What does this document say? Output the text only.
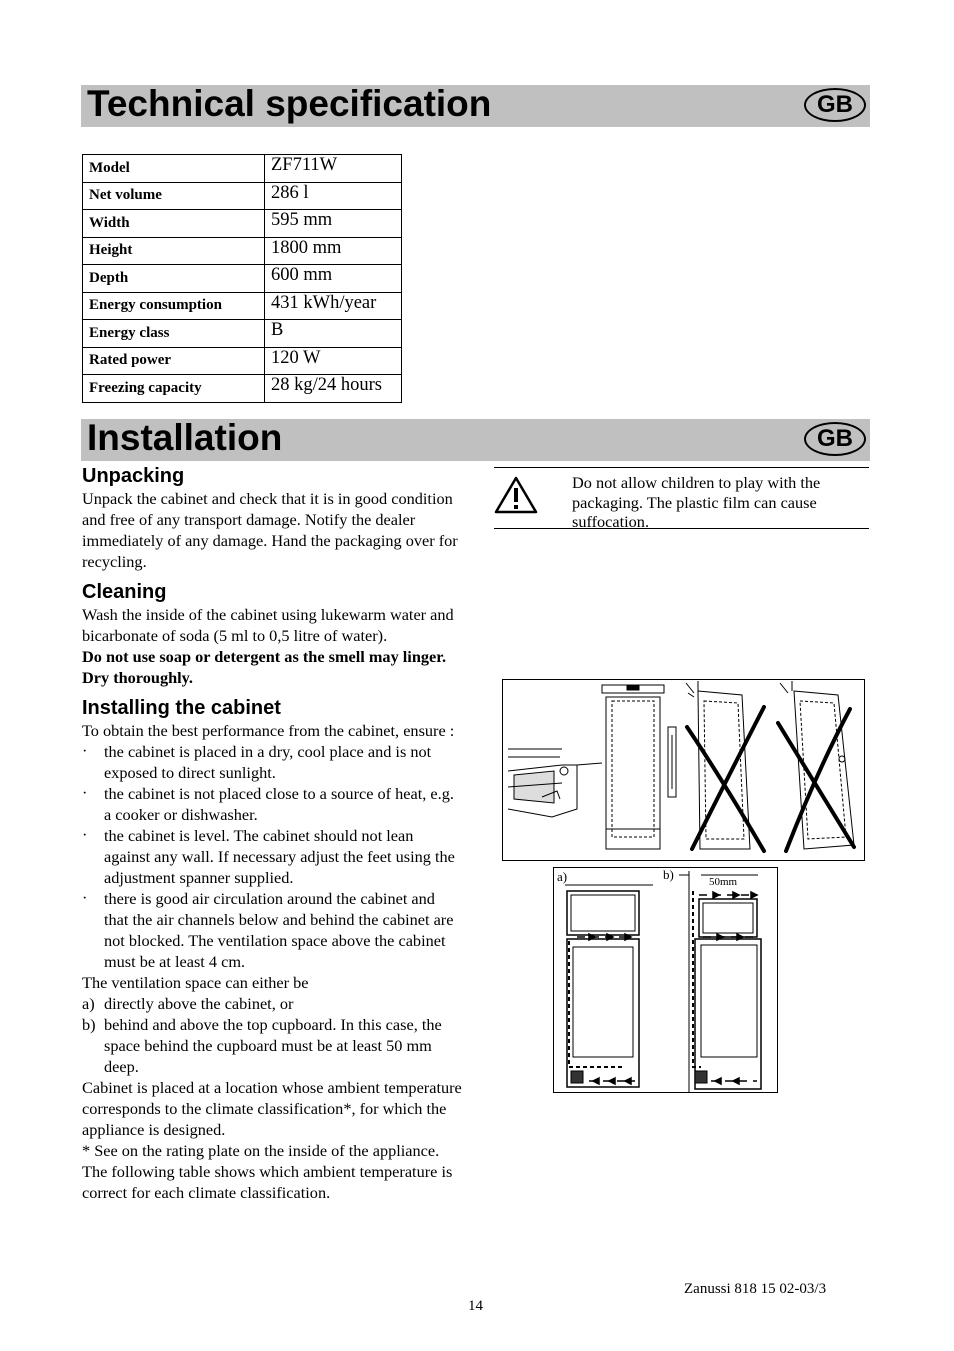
Technical specification	GB
Model	ZF711W
Net volume	286 l
Width	595 mm
Height	1800 mm
Depth	600 mm
Energy consumption	431 kWh/year
Energy class	B
Rated power	120 W
Freezing capacity	28 kg/24 hours
Installation	GB
Unpacking

Unpack the cabinet and check that it is in good condition and free of any transport damage. Notify the dealer immediately of any damage. Hand the packaging over for recycling.

Cleaning

Wash the inside of the cabinet using lukewarm water and bicarbonate of soda (5 ml to 0,5 litre of water).

Do not use soap or detergent as the smell may linger. Dry thoroughly.

Installing the cabinet

To obtain the best performance from the cabinet, ensure :

· the cabinet is placed in a dry, cool place and is not exposed to direct sunlight.
· the cabinet is not placed close to a source of heat, e.g. a cooker or dishwasher.
· the cabinet is level. The cabinet should not lean against any wall. If necessary adjust the feet using the adjustment spanner supplied.
· there is good air circulation around the cabinet and that the air channels below and behind the cabinet are not blocked. The ventilation space above the cabinet must be at least 4 cm.

The ventilation space can either be

a) directly above the cabinet, or
b) behind and above the top cupboard. In this case, the space behind the cupboard must be at least 50 mm deep.

Cabinet is placed at a location whose ambient temperature corresponds to the climate classification*, for which the appliance is designed.

* See on the rating plate on the inside of the appliance.

The following table shows which ambient temperature is correct for each climate classification.

Do not allow children to play with the packaging. The plastic film can cause suffocation.
a)	b)	50mm
Zanussi 818 15 02-03/3
14
